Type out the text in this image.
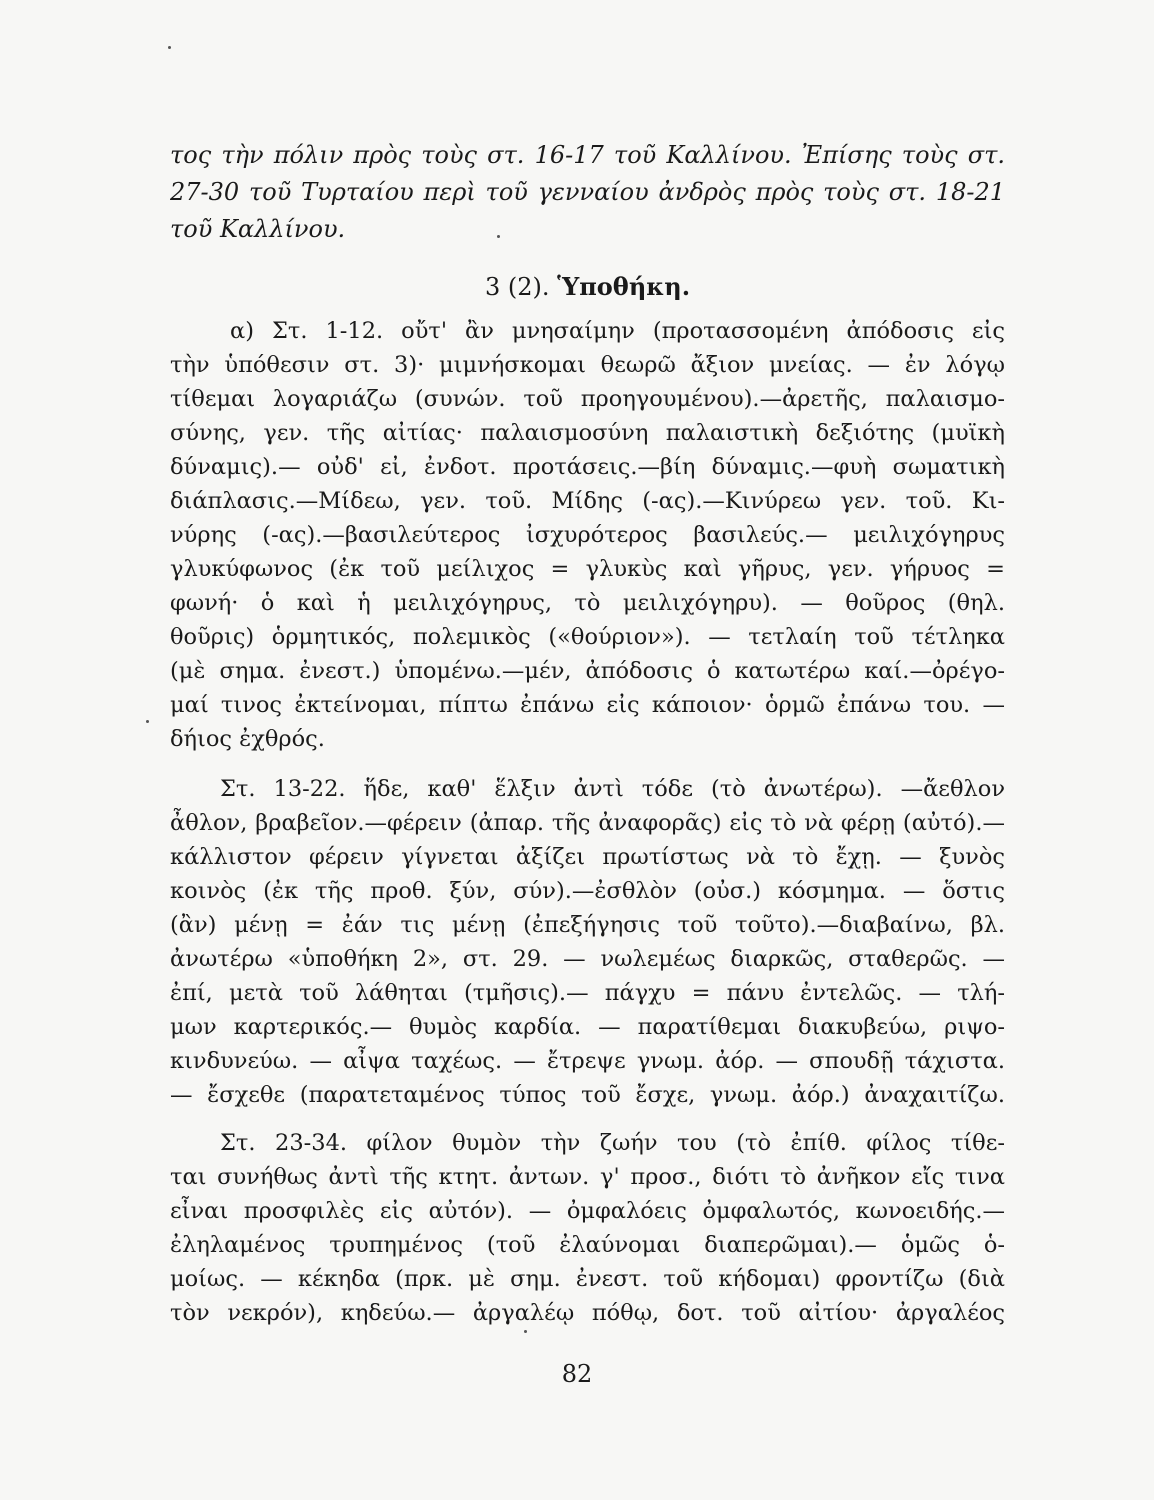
τος τὴν πόλιν πρὸς τοὺς στ. 16-17 τοῦ Καλλίνου. Ἐπίσης τοὺς στ.
27-30 τοῦ Τυρταίου περὶ τοῦ γενναίου ἀνδρὸς πρὸς τοὺς στ. 18-21
τοῦ Καλλίνου.
3 (2). Ὑποθήκη.
α) Στ. 1-12. οὔτ' ἂν μνησαίμην (προτασσομένη ἀπόδοσις εἰς
τὴν ὑπόθεσιν στ. 3)· μιμνήσκομαι θεωρῶ ἄξιον μνείας. — ἐν λόγῳ
τίθεμαι λογαριάζω (συνών. τοῦ προηγουμένου).—ἀρετῆς, παλαισμο-
σύνης, γεν. τῆς αἰτίας· παλαισμοσύνη παλαιστικὴ δεξιότης (μυϊκὴ
δύναμις).— οὐδ' εἰ, ἐνδοτ. προτάσεις.—βίη δύναμις.—φυὴ σωματικὴ
διάπλασις.—Μίδεω, γεν. τοῦ. Μίδης (-ας).—Κινύρεω γεν. τοῦ. Κι-
νύρης (-ας).—βασιλεύτερος ἰσχυρότερος βασιλεύς.— μειλιχόγηρυς
γλυκύφωνος (ἐκ τοῦ μείλιχος = γλυκὺς καὶ γῆρυς, γεν. γήρυος =
φωνή· ὁ καὶ ἡ μειλιχόγηρυς, τὸ μειλιχόγηρυ). — θοῦρος (θηλ.
θοῦρις) ὁρμητικός, πολεμικὸς («θούριον»). — τετλαίη τοῦ τέτληκα
(μὲ σημα. ἐνεστ.) ὑπομένω.—μέν, ἀπόδοσις ὁ κατωτέρω καί.—ὀρέγο-
μαί τινος ἐκτείνομαι, πίπτω ἐπάνω εἰς κάποιον· ὁρμῶ ἐπάνω του. —
δήιος ἐχθρός.
Στ. 13-22. ἥδε, καθ' ἕλξιν ἀντὶ τόδε (τὸ ἀνωτέρω). —ἄεθλον
ἆθλον, βραβεῖον.—φέρειν (ἀπαρ. τῆς ἀναφορᾶς) εἰς τὸ νὰ φέρῃ (αὐτό).—
κάλλιστον φέρειν γίγνεται ἀξίζει πρωτίστως νὰ τὸ ἔχῃ. — ξυνὸς
κοινὸς (ἐκ τῆς προθ. ξύν, σύν).—ἐσθλὸν (οὐσ.) κόσμημα. — ὅστις
(ἂν) μένῃ = ἐάν τις μένῃ (ἐπεξήγησις τοῦ τοῦτο).—διαβαίνω, βλ.
ἀνωτέρω «ὑποθήκη 2», στ. 29. — νωλεμέως διαρκῶς, σταθερῶς. —
ἐπί, μετὰ τοῦ λάθηται (τμῆσις).— πάγχυ = πάνυ ἐντελῶς. — τλή-
μων καρτερικός.— θυμὸς καρδία. — παρατίθεμαι διακυβεύω, ριψο-
κινδυνεύω. — αἶψα ταχέως. — ἔτρεψε γνωμ. ἀόρ. — σπουδῇ τάχιστα.
— ἔσχεθε (παρατεταμένος τύπος τοῦ ἔσχε, γνωμ. ἀόρ.) ἀναχαιτίζω.
Στ. 23-34. φίλον θυμὸν τὴν ζωήν του (τὸ ἐπίθ. φίλος τίθε-
ται συνήθως ἀντὶ τῆς κτητ. ἀντων. γ' προσ., διότι τὸ ἀνῆκον εἴς τινα
εἶναι προσφιλὲς εἰς αὐτόν). — ὀμφαλόεις ὀμφαλωτός, κωνοειδής.—
ἐληλαμένος τρυπημένος (τοῦ ἐλαύνομαι διαπερῶμαι).— ὁμῶς ὁ-
μοίως. — κέκηδα (πρκ. μὲ σημ. ἐνεστ. τοῦ κήδομαι) φροντίζω (διὰ
τὸν νεκρόν), κηδεύω.— ἀργαλέῳ πόθῳ, δοτ. τοῦ αἰτίου· ἀργαλέος
82
